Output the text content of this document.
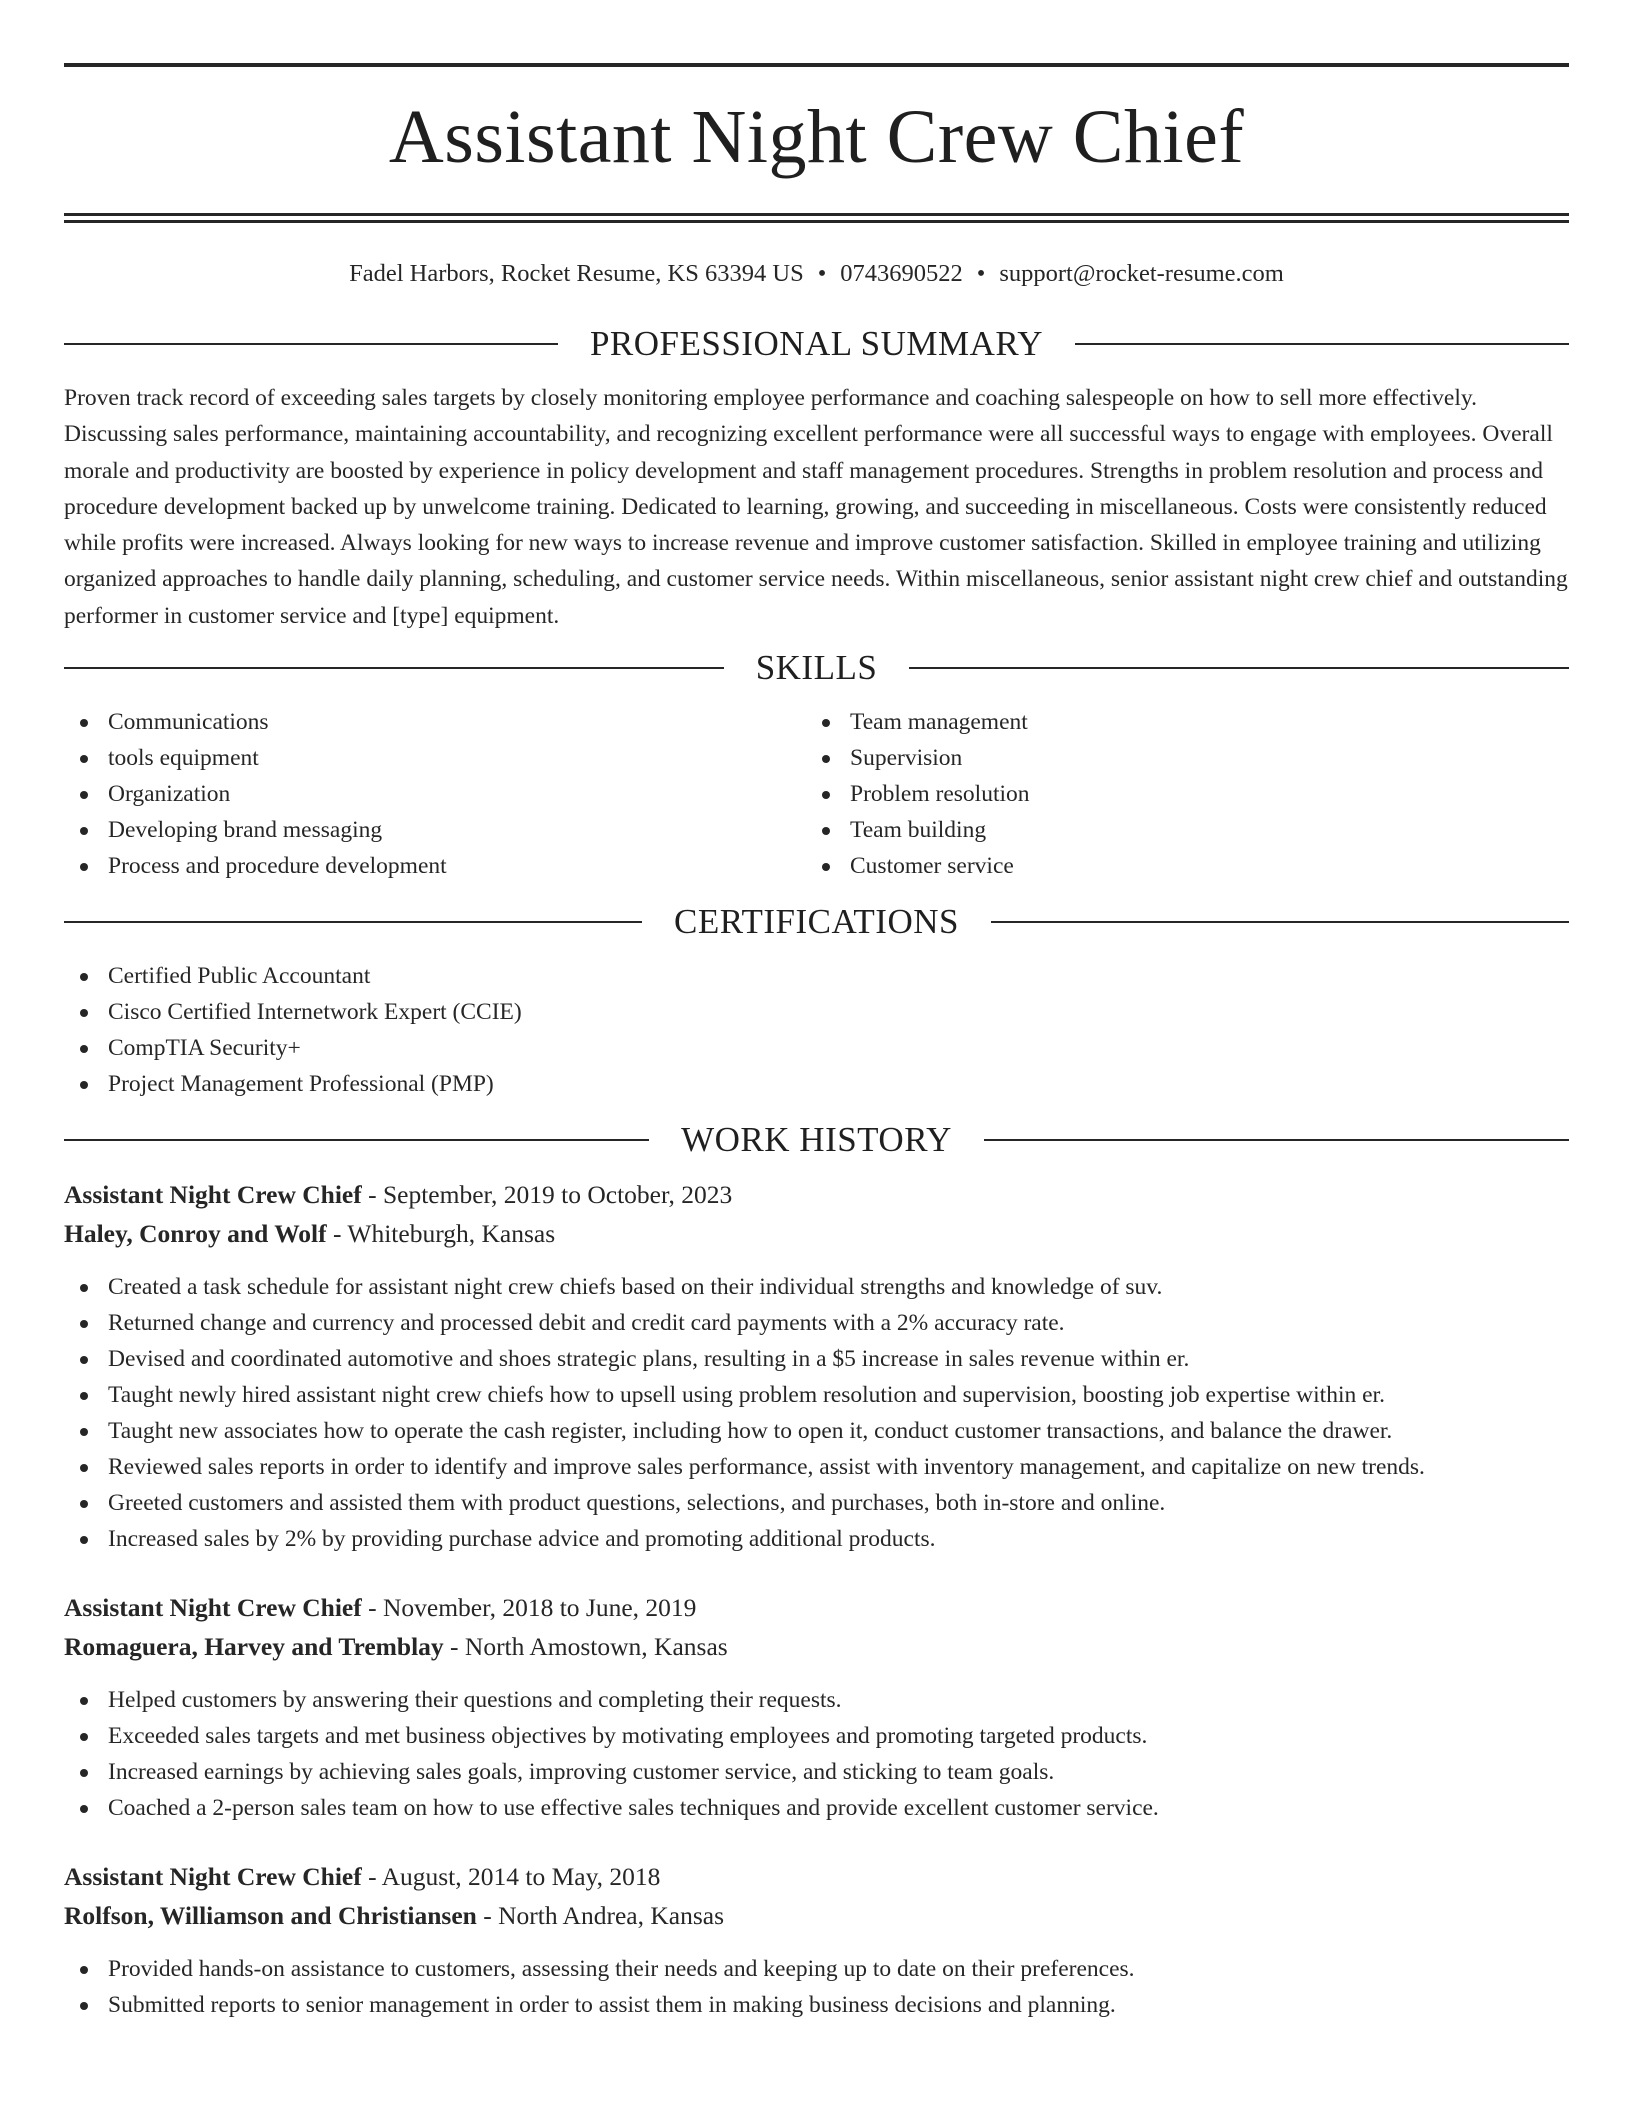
Assistant Night Crew Chief
Fadel Harbors, Rocket Resume, KS 63394 US • 0743690522 • support@rocket-resume.com
PROFESSIONAL SUMMARY
Proven track record of exceeding sales targets by closely monitoring employee performance and coaching salespeople on how to sell more effectively. Discussing sales performance, maintaining accountability, and recognizing excellent performance were all successful ways to engage with employees. Overall morale and productivity are boosted by experience in policy development and staff management procedures. Strengths in problem resolution and process and procedure development backed up by unwelcome training. Dedicated to learning, growing, and succeeding in miscellaneous. Costs were consistently reduced while profits were increased. Always looking for new ways to increase revenue and improve customer satisfaction. Skilled in employee training and utilizing organized approaches to handle daily planning, scheduling, and customer service needs. Within miscellaneous, senior assistant night crew chief and outstanding performer in customer service and [type] equipment.
SKILLS
Communications
tools equipment
Organization
Developing brand messaging
Process and procedure development
Team management
Supervision
Problem resolution
Team building
Customer service
CERTIFICATIONS
Certified Public Accountant
Cisco Certified Internetwork Expert (CCIE)
CompTIA Security+
Project Management Professional (PMP)
WORK HISTORY
Assistant Night Crew Chief - September, 2019 to October, 2023
Haley, Conroy and Wolf - Whiteburgh, Kansas
Created a task schedule for assistant night crew chiefs based on their individual strengths and knowledge of suv.
Returned change and currency and processed debit and credit card payments with a 2% accuracy rate.
Devised and coordinated automotive and shoes strategic plans, resulting in a $5 increase in sales revenue within er.
Taught newly hired assistant night crew chiefs how to upsell using problem resolution and supervision, boosting job expertise within er.
Taught new associates how to operate the cash register, including how to open it, conduct customer transactions, and balance the drawer.
Reviewed sales reports in order to identify and improve sales performance, assist with inventory management, and capitalize on new trends.
Greeted customers and assisted them with product questions, selections, and purchases, both in-store and online.
Increased sales by 2% by providing purchase advice and promoting additional products.
Assistant Night Crew Chief - November, 2018 to June, 2019
Romaguera, Harvey and Tremblay - North Amostown, Kansas
Helped customers by answering their questions and completing their requests.
Exceeded sales targets and met business objectives by motivating employees and promoting targeted products.
Increased earnings by achieving sales goals, improving customer service, and sticking to team goals.
Coached a 2-person sales team on how to use effective sales techniques and provide excellent customer service.
Assistant Night Crew Chief - August, 2014 to May, 2018
Rolfson, Williamson and Christiansen - North Andrea, Kansas
Provided hands-on assistance to customers, assessing their needs and keeping up to date on their preferences.
Submitted reports to senior management in order to assist them in making business decisions and planning.
